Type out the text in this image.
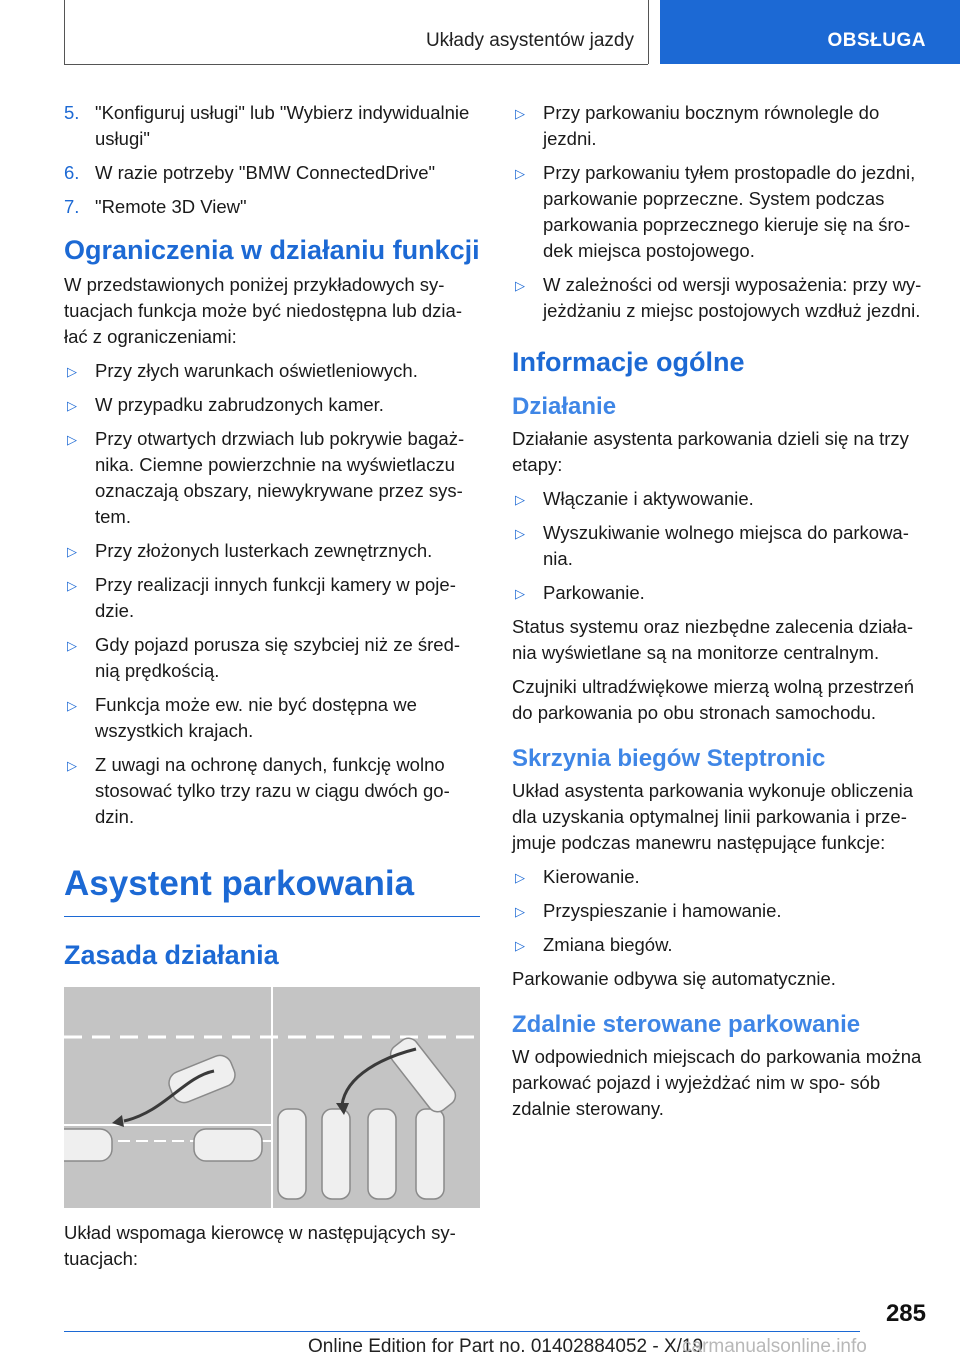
Układy asystentów jazdy	OBSŁUGA
5. "Konfiguruj usługi" lub "Wybierz indywidualnie usługi"
6. W razie potrzeby "BMW ConnectedDrive"
7. "Remote 3D View"
Ograniczenia w działaniu funkcji

W przedstawionych poniżej przykładowych sy- tuacjach funkcja może być niedostępna lub dzia- łać z ograniczeniami:

▷ Przy złych warunkach oświetleniowych.
▷ W przypadku zabrudzonych kamer.
▷ Przy otwartych drzwiach lub pokrywie bagaż- nika. Ciemne powierzchnie na wyświetlaczu oznaczają obszary, niewykrywane przez sys- tem.
▷ Przy złożonych lusterkach zewnętrznych.
▷ Przy realizacji innych funkcji kamery w poje- dzie.
▷ Gdy pojazd porusza się szybciej niż ze śred- nią prędkością.
▷ Funkcja może ew. nie być dostępna we wszystkich krajach.
▷ Z uwagi na ochronę danych, funkcję wolno stosować tylko trzy razu w ciągu dwóch go- dzin.
Asystent parkowania
Zasada działania

Układ wspomaga kierowcę w następujących sy- tuacjach:

▷ Przy parkowaniu bocznym równolegle do jezdni.
▷ Przy parkowaniu tyłem prostopadle do jezdni, parkowanie poprzeczne. System podczas parkowania poprzecznego kieruje się na śro- dek miejsca postojowego.
▷ W zależności od wersji wyposażenia: przy wy- jeżdżaniu z miejsc postojowych wzdłuż jezdni.
Informacje ogólne
Działanie

Działanie asystenta parkowania dzieli się na trzy etapy:

▷ Włączanie i aktywowanie.
▷ Wyszukiwanie wolnego miejsca do parkowa- nia.
▷ Parkowanie.

Status systemu oraz niezbędne zalecenia działa- nia wyświetlane są na monitorze centralnym.

Czujniki ultradźwiękowe mierzą wolną przestrzeń do parkowania po obu stronach samochodu.

Skrzynia biegów Steptronic

Układ asystenta parkowania wykonuje obliczenia dla uzyskania optymalnej linii parkowania i prze- jmuje podczas manewru następujące funkcje:

▷ Kierowanie.
▷ Przyspieszanie i hamowanie.
▷ Zmiana biegów.

Parkowanie odbywa się automatycznie.

Zdalnie sterowane parkowanie

W odpowiednich miejscach do parkowania można parkować pojazd i wyjeżdżać nim w spo- sób zdalnie sterowany.

285
Online Edition for Part no. 01402884052 - X/19
carmanualsonline.info
